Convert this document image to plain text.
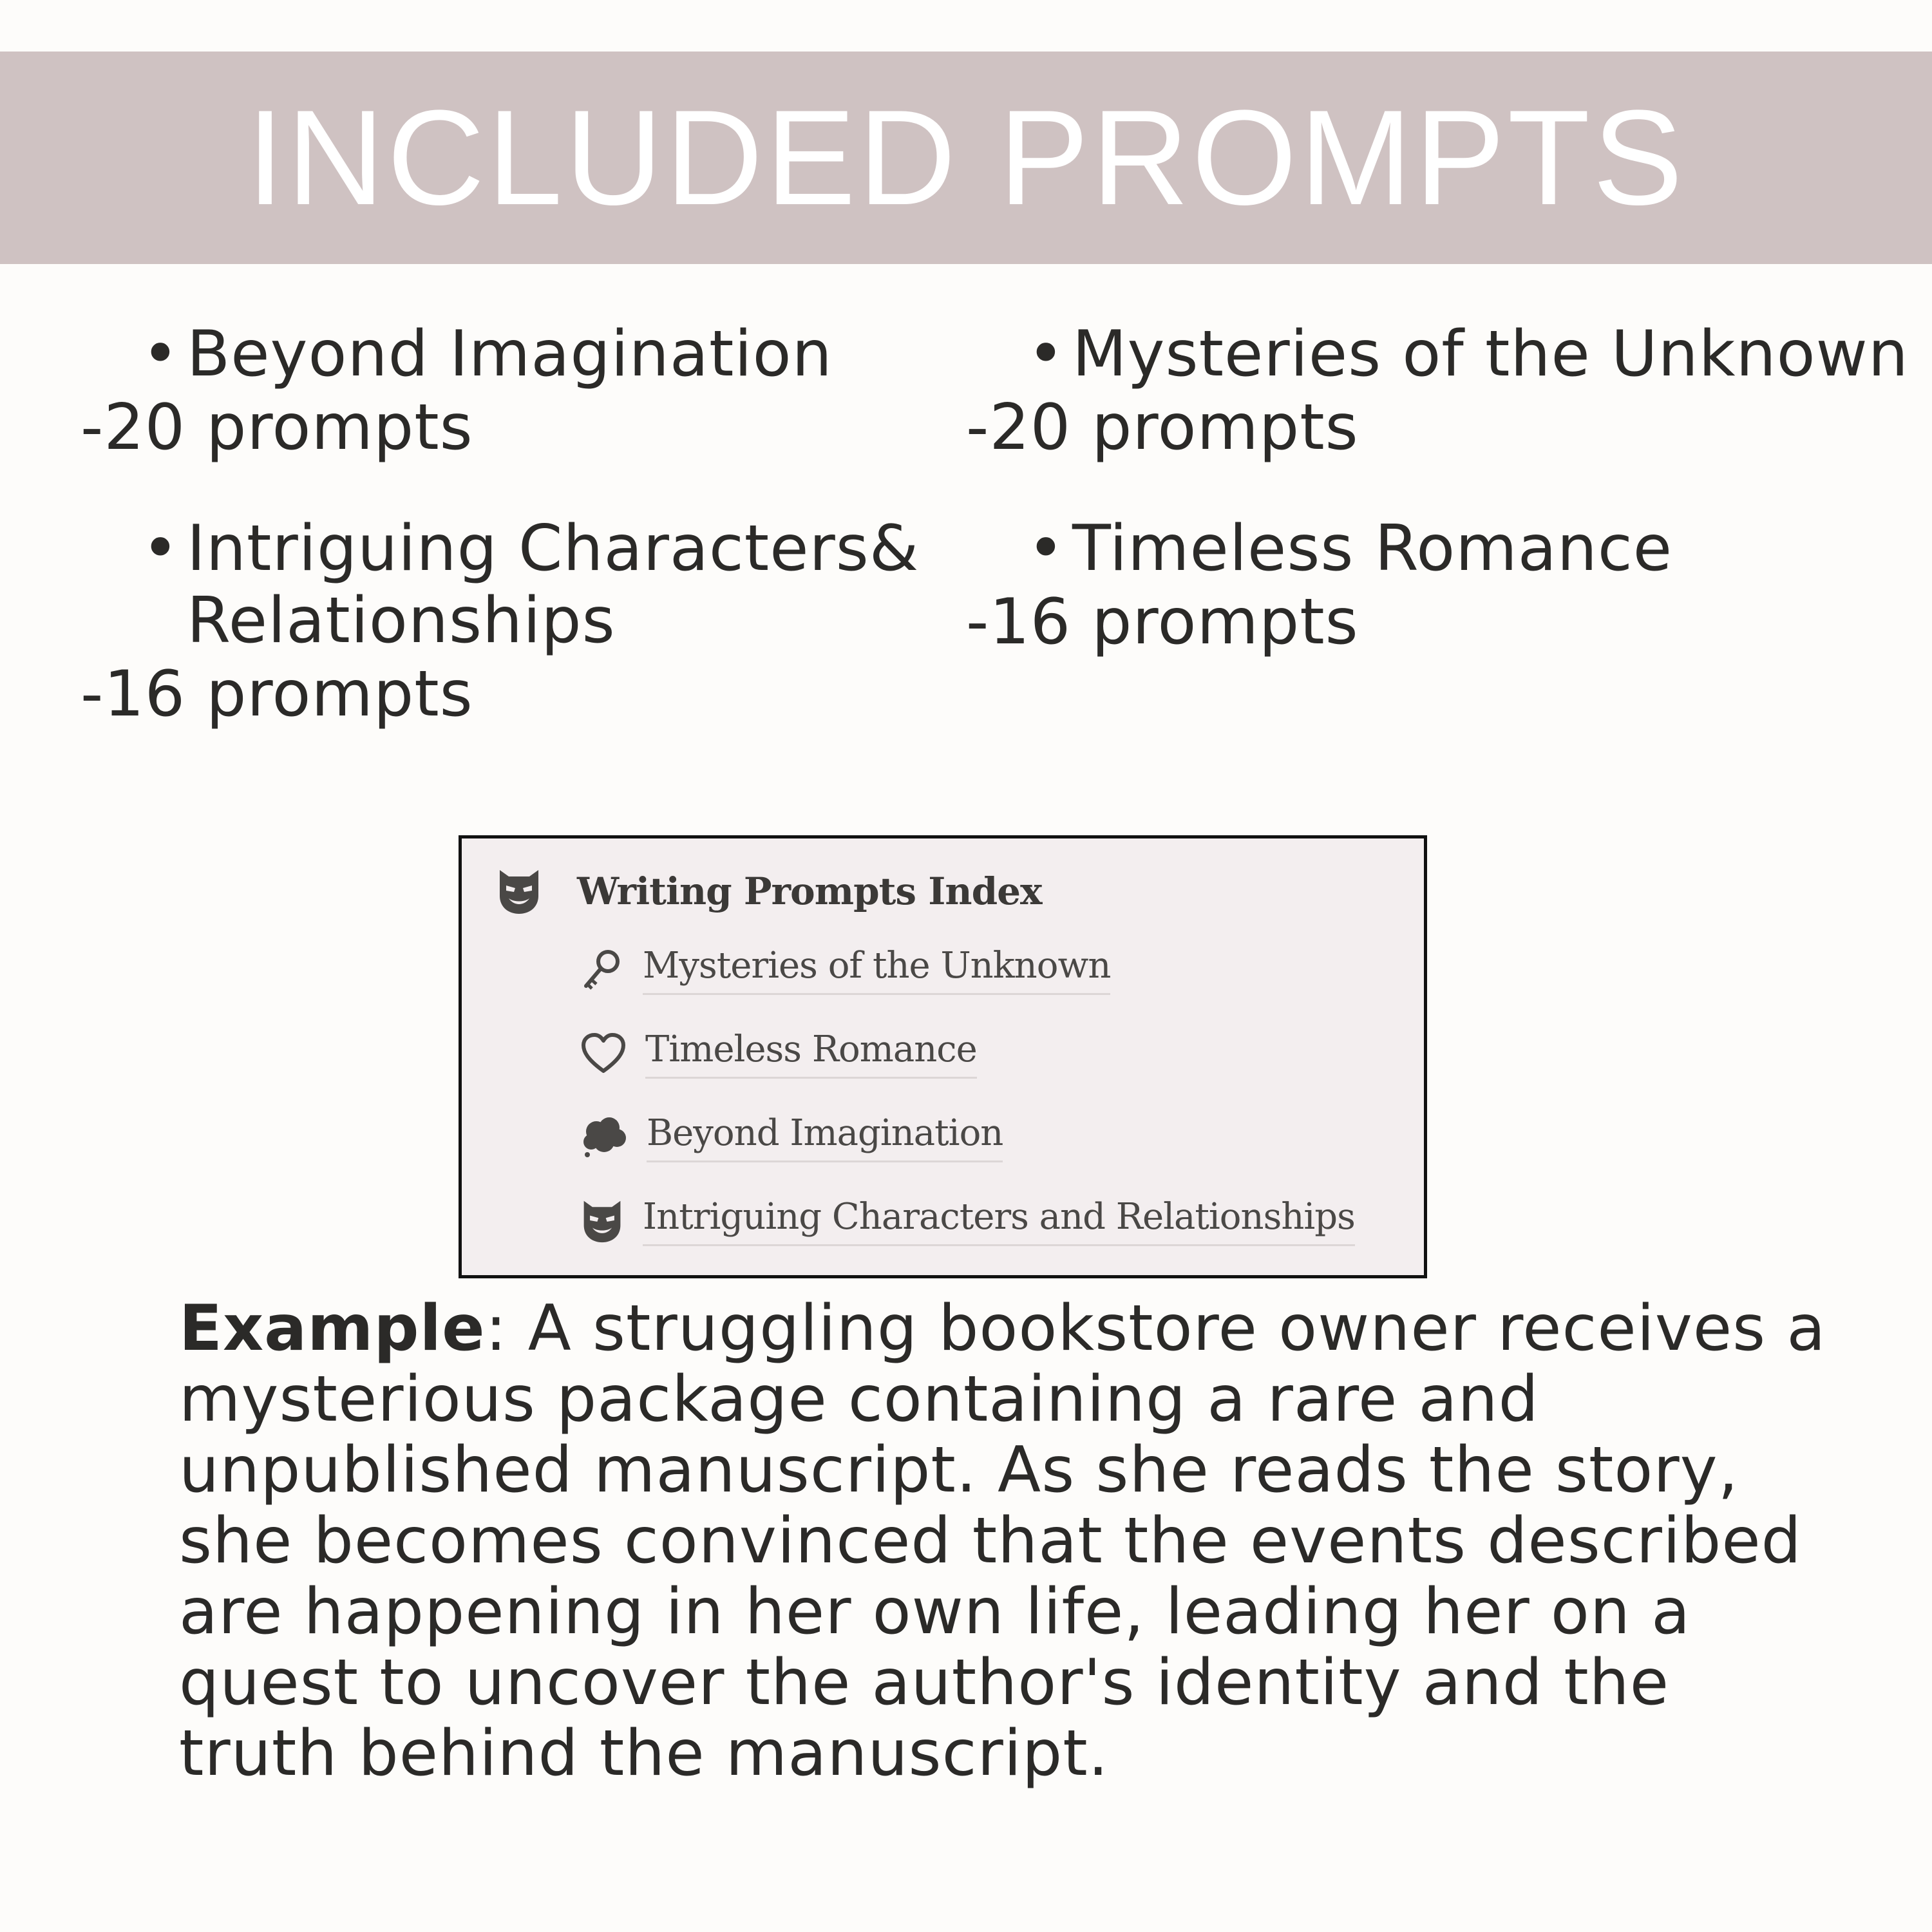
INCLUDED PROMPTS
• Beyond Imagination
-20 prompts
• Mysteries of the Unknown
-20 prompts
• Intriguing Characters&
Relationships
-16 prompts
• Timeless Romance
-16 prompts
Writing Prompts Index
Mysteries of the Unknown
Timeless Romance
Beyond Imagination
Intriguing Characters and Relationships
Example: A struggling bookstore owner receives a mysterious package containing a rare and unpublished manuscript. As she reads the story, she becomes convinced that the events described are happening in her own life, leading her on a quest to uncover the author's identity and the truth behind the manuscript.
